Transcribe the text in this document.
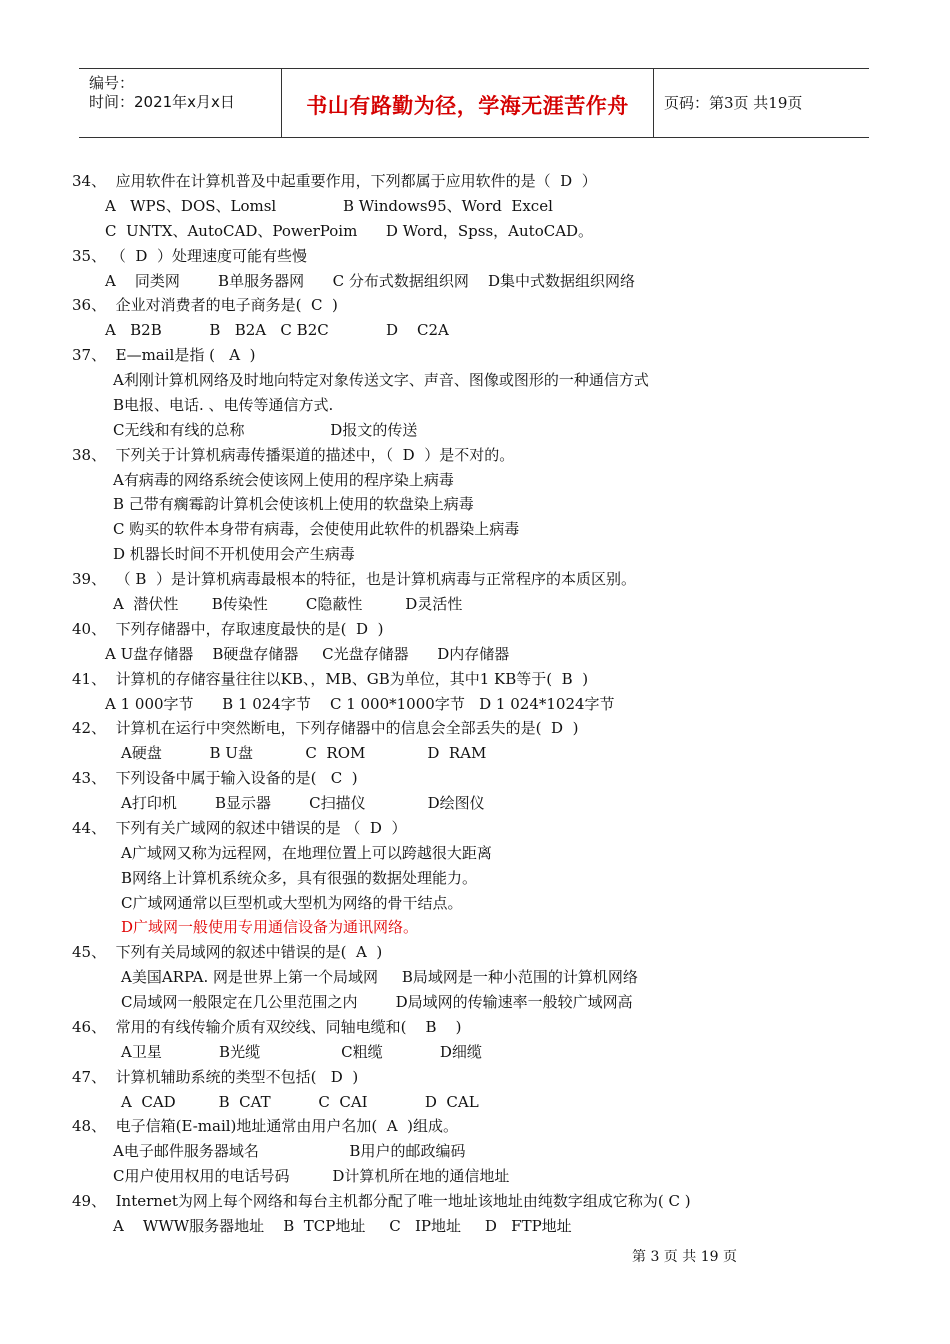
编号：
时间：2021年x月x日	书山有路勤为径，学海无涯苦作舟	页码：第3页 共19页
34、  应用软件在计算机普及中起重要作用，下列都属于应用软件的是（  D  ）
A   WPS、DOS、Lomsl              B Windows95、Word  Excel
C  UNTX、AutoCAD、PowerPoim      D Word，Spss，AutoCAD。
35、 （  D  ）处理速度可能有些慢
A    同类网        B单服务器网      C 分布式数据组织网    D集中式数据组织网络
36、  企业对消费者的电子商务是(  C  )
A   B2B          B   B2A   C B2C            D    C2A
37、  E—mail是指 (   A  )
A利刚计算机网络及时地向特定对象传送文字、声音、图像或图形的一种通信方式
B电报、电话. 、电传等通信方式.
C无线和有线的总称                  D报文的传送
38、  下列关于计算机病毒传播渠道的描述中，（  D  ）是不对的。
A有病毒的网络系统会使该网上使用的程序染上病毒
B 己带有瘸霉韵计算机会使该机上使用的软盘染上病毒
C 购买的软件本身带有病毒，会使使用此软件的机器染上病毒
D 机器长时间不开机使用会产生病毒
39、  （ B  ）是计算机病毒最根本的特征，也是计算机病毒与正常程序的本质区别。
A  潜伏性       B传染性        C隐蔽性         D灵活性
40、  下列存储器中，存取速度最快的是(  D  )
A U盘存储器    B硬盘存储器     C光盘存储器      D内存储器
41、  计算机的存储容量往往以KB、，MB、GB为单位，其中1 KB等于(  B  )
A 1 000字节      B 1 024字节    C 1 000*1000字节   D 1 024*1024字节
42、  计算机在运行中突然断电，下列存储器中的信息会全部丢失的是(  D  )
A硬盘          B U盘           C  ROM             D  RAM
43、  下列设备中属于输入设备的是(   C  )
A打印机        B显示器        C扫描仪             D绘图仪
44、  下列有关广域网的叙述中错误的是 （  D  ）
A广域网又称为远程网，在地理位置上可以跨越很大距离
B网络上计算机系统众多，具有很强的数据处理能力。
C广域网通常以巨型机或大型机为网络的骨干结点。
D广域网一般使用专用通信设备为通讯网络。
45、  下列有关局域网的叙述中错误的是(  A  )
A美国ARPA. 网是世界上第一个局域网     B局域网是一种小范围的计算机网络
C局域网一般限定在几公里范围之内        D局域网的传输速率一般较广域网高
46、  常用的有线传输介质有双绞线、同轴电缆和(    B    )
A卫星            B光缆                 C粗缆            D细缆
47、  计算机辅助系统的类型不包括(   D  )
A  CAD         B  CAT          C  CAI            D  CAL
48、  电子信箱(E-mail)地址通常由用户名加(  A  )组成。
A电子邮件服务器域名                   B用户的邮政编码
C用户使用权用的电话号码         D计算机所在地的通信地址
49、  Internet为网上每个网络和每台主机都分配了唯一地址该地址由纯数字组成它称为( C )
A    WWW服务器地址    B  TCP地址     C   IP地址     D   FTP地址
第 3 页 共 19 页
